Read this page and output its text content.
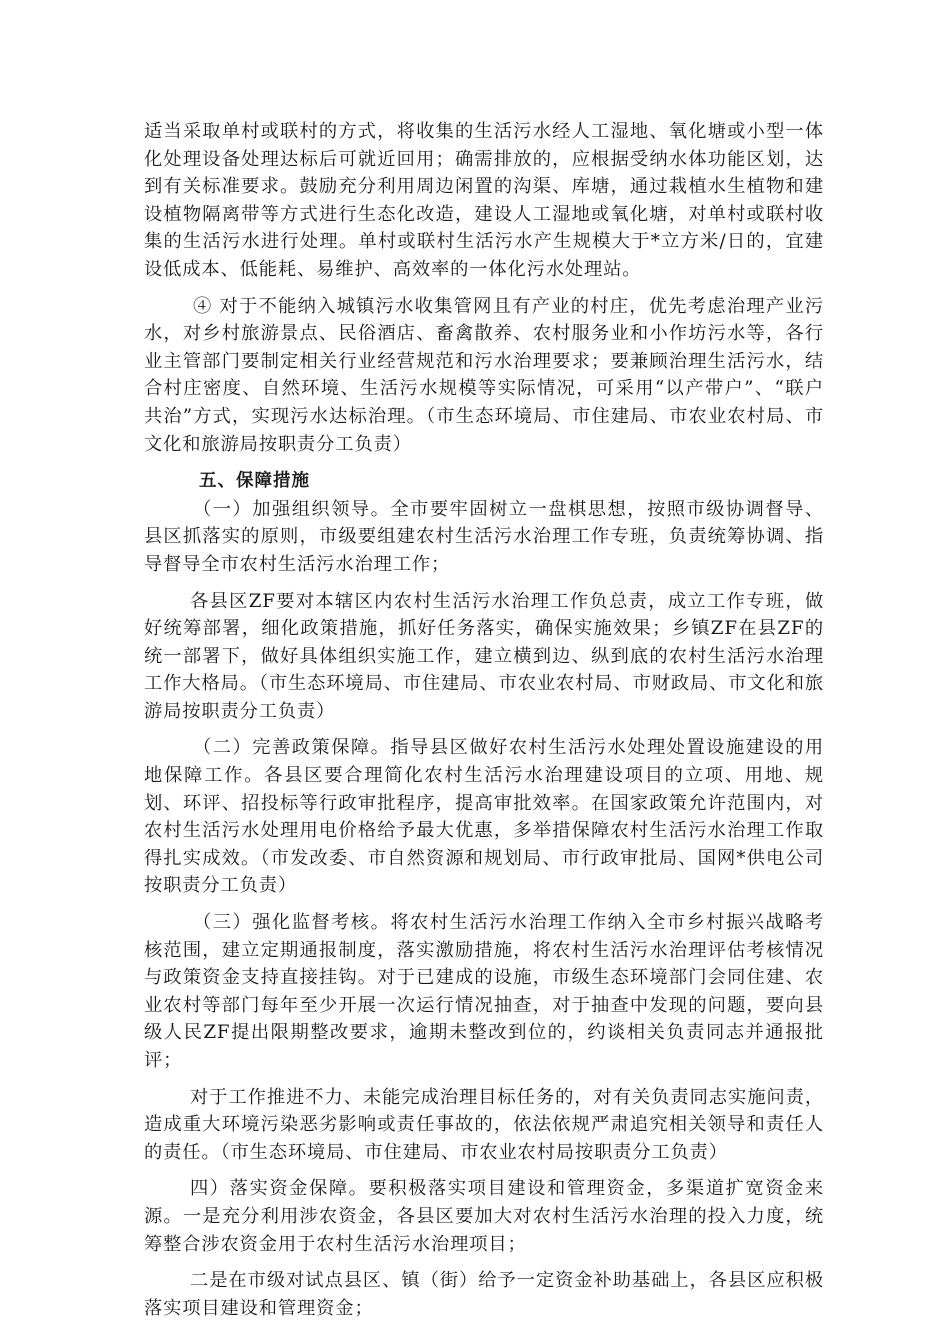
适当采取单村或联村的方式，将收集的生活污水经人工湿地、氧化塘或小型一体化处理设备处理达标后可就近回用；确需排放的，应根据受纳水体功能区划，达到有关标准要求。鼓励充分利用周边闲置的沟渠、库塘，通过栽植水生植物和建设植物隔离带等方式进行生态化改造，建设人工湿地或氧化塘，对单村或联村收集的生活污水进行处理。单村或联村生活污水产生规模大于*立方米/日的，宜建设低成本、低能耗、易维护、高效率的一体化污水处理站。

④ 对于不能纳入城镇污水收集管网且有产业的村庄，优先考虑治理产业污水，对乡村旅游景点、民俗酒店、畜禽散养、农村服务业和小作坊污水等，各行业主管部门要制定相关行业经营规范和污水治理要求；要兼顾治理生活污水，结合村庄密度、自然环境、生活污水规模等实际情况，可采用“以产带户”、“联户共治”方式，实现污水达标治理。（市生态环境局、市住建局、市农业农村局、市文化和旅游局按职责分工负责）

五、保障措施

（一）加强组织领导。全市要牢固树立一盘棋思想，按照市级协调督导、县区抓落实的原则，市级要组建农村生活污水治理工作专班，负责统筹协调、指导督导全市农村生活污水治理工作；

各县区ZF要对本辖区内农村生活污水治理工作负总责，成立工作专班，做好统筹部署，细化政策措施，抓好任务落实，确保实施效果；乡镇ZF在县ZF的统一部署下，做好具体组织实施工作，建立横到边、纵到底的农村生活污水治理工作大格局。（市生态环境局、市住建局、市农业农村局、市财政局、市文化和旅游局按职责分工负责）

（二）完善政策保障。指导县区做好农村生活污水处理处置设施建设的用地保障工作。各县区要合理简化农村生活污水治理建设项目的立项、用地、规划、环评、招投标等行政审批程序，提高审批效率。在国家政策允许范围内，对农村生活污水处理用电价格给予最大优惠，多举措保障农村生活污水治理工作取得扎实成效。（市发改委、市自然资源和规划局、市行政审批局、国网*供电公司按职责分工负责）

（三）强化监督考核。将农村生活污水治理工作纳入全市乡村振兴战略考核范围，建立定期通报制度，落实激励措施，将农村生活污水治理评估考核情况与政策资金支持直接挂钩。对于已建成的设施，市级生态环境部门会同住建、农业农村等部门每年至少开展一次运行情况抽查，对于抽查中发现的问题，要向县级人民ZF提出限期整改要求，逾期未整改到位的，约谈相关负责同志并通报批评；

对于工作推进不力、未能完成治理目标任务的，对有关负责同志实施问责，造成重大环境污染恶劣影响或责任事故的，依法依规严肃追究相关领导和责任人的责任。（市生态环境局、市住建局、市农业农村局按职责分工负责）

四）落实资金保障。要积极落实项目建设和管理资金，多渠道扩宽资金来源。一是充分利用涉农资金，各县区要加大对农村生活污水治理的投入力度，统筹整合涉农资金用于农村生活污水治理项目；

二是在市级对试点县区、镇（街）给予一定资金补助基础上，各县区应积极落实项目建设和管理资金；
